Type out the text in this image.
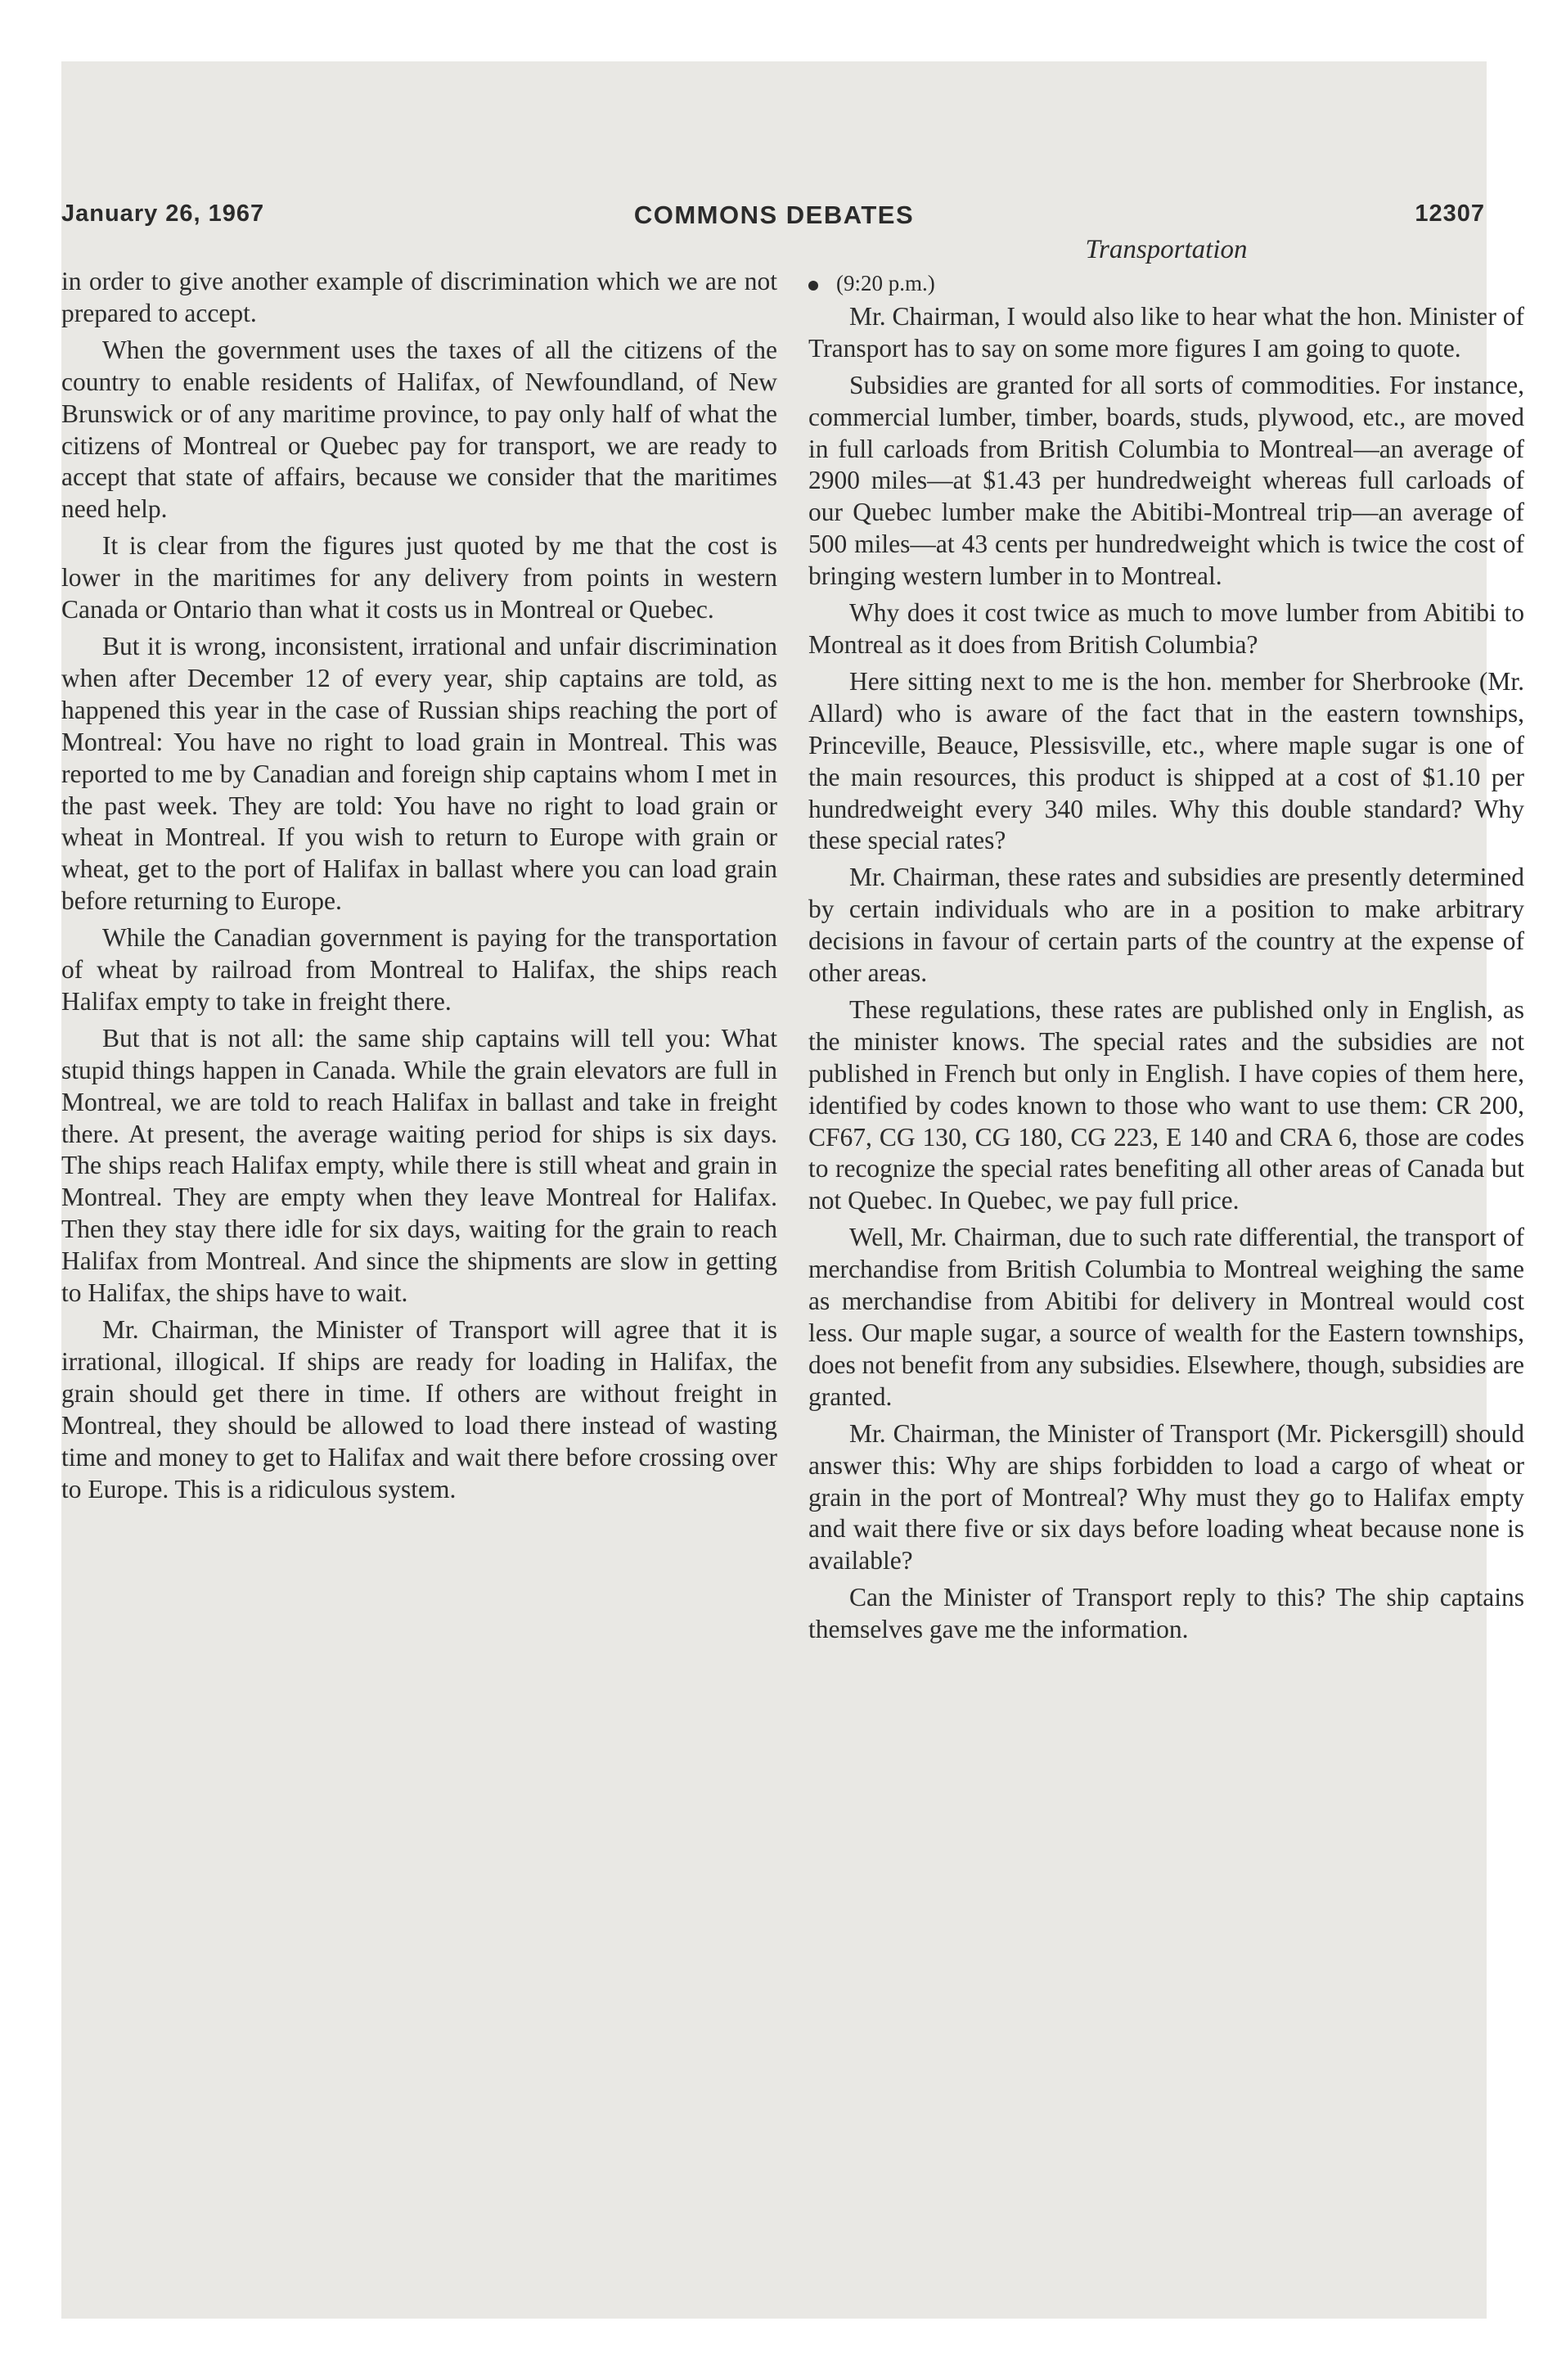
January 26, 1967	COMMONS DEBATES	12307

in order to give another example of discrimination which we are not prepared to accept.

When the government uses the taxes of all the citizens of the country to enable residents of Halifax, of Newfoundland, of New Brunswick or of any maritime province, to pay only half of what the citizens of Montreal or Quebec pay for transport, we are ready to accept that state of affairs, because we consider that the maritimes need help.

It is clear from the figures just quoted by me that the cost is lower in the maritimes for any delivery from points in western Canada or Ontario than what it costs us in Montreal or Quebec.

But it is wrong, inconsistent, irrational and unfair discrimination when after December 12 of every year, ship captains are told, as happened this year in the case of Russian ships reaching the port of Montreal: You have no right to load grain in Montreal. This was reported to me by Canadian and foreign ship captains whom I met in the past week. They are told: You have no right to load grain or wheat in Montreal. If you wish to return to Europe with grain or wheat, get to the port of Halifax in ballast where you can load grain before returning to Europe.

While the Canadian government is paying for the transportation of wheat by railroad from Montreal to Halifax, the ships reach Halifax empty to take in freight there.

But that is not all: the same ship captains will tell you: What stupid things happen in Canada. While the grain elevators are full in Montreal, we are told to reach Halifax in ballast and take in freight there. At present, the average waiting period for ships is six days. The ships reach Halifax empty, while there is still wheat and grain in Montreal. They are empty when they leave Montreal for Halifax. Then they stay there idle for six days, waiting for the grain to reach Halifax from Montreal. And since the shipments are slow in getting to Halifax, the ships have to wait.

Mr. Chairman, the Minister of Transport will agree that it is irrational, illogical. If ships are ready for loading in Halifax, the grain should get there in time. If others are without freight in Montreal, they should be allowed to load there instead of wasting time and money to get to Halifax and wait there before crossing over to Europe. This is a ridiculous system.

Transportation

(9:20 p.m.)

Mr. Chairman, I would also like to hear what the hon. Minister of Transport has to say on some more figures I am going to quote.

Subsidies are granted for all sorts of commodities. For instance, commercial lumber, timber, boards, studs, plywood, etc., are moved in full carloads from British Columbia to Montreal—an average of 2900 miles—at $1.43 per hundredweight whereas full carloads of our Quebec lumber make the Abitibi-Montreal trip—an average of 500 miles—at 43 cents per hundredweight which is twice the cost of bringing western lumber in to Montreal.

Why does it cost twice as much to move lumber from Abitibi to Montreal as it does from British Columbia?

Here sitting next to me is the hon. member for Sherbrooke (Mr. Allard) who is aware of the fact that in the eastern townships, Princeville, Beauce, Plessisville, etc., where maple sugar is one of the main resources, this product is shipped at a cost of $1.10 per hundredweight every 340 miles. Why this double standard? Why these special rates?

Mr. Chairman, these rates and subsidies are presently determined by certain individuals who are in a position to make arbitrary decisions in favour of certain parts of the country at the expense of other areas.

These regulations, these rates are published only in English, as the minister knows. The special rates and the subsidies are not published in French but only in English. I have copies of them here, identified by codes known to those who want to use them: CR 200, CF67, CG 130, CG 180, CG 223, E 140 and CRA 6, those are codes to recognize the special rates benefiting all other areas of Canada but not Quebec. In Quebec, we pay full price.

Well, Mr. Chairman, due to such rate differential, the transport of merchandise from British Columbia to Montreal weighing the same as merchandise from Abitibi for delivery in Montreal would cost less. Our maple sugar, a source of wealth for the Eastern townships, does not benefit from any subsidies. Elsewhere, though, subsidies are granted.

Mr. Chairman, the Minister of Transport (Mr. Pickersgill) should answer this: Why are ships forbidden to load a cargo of wheat or grain in the port of Montreal? Why must they go to Halifax empty and wait there five or six days before loading wheat because none is available?

Can the Minister of Transport reply to this? The ship captains themselves gave me the information.
